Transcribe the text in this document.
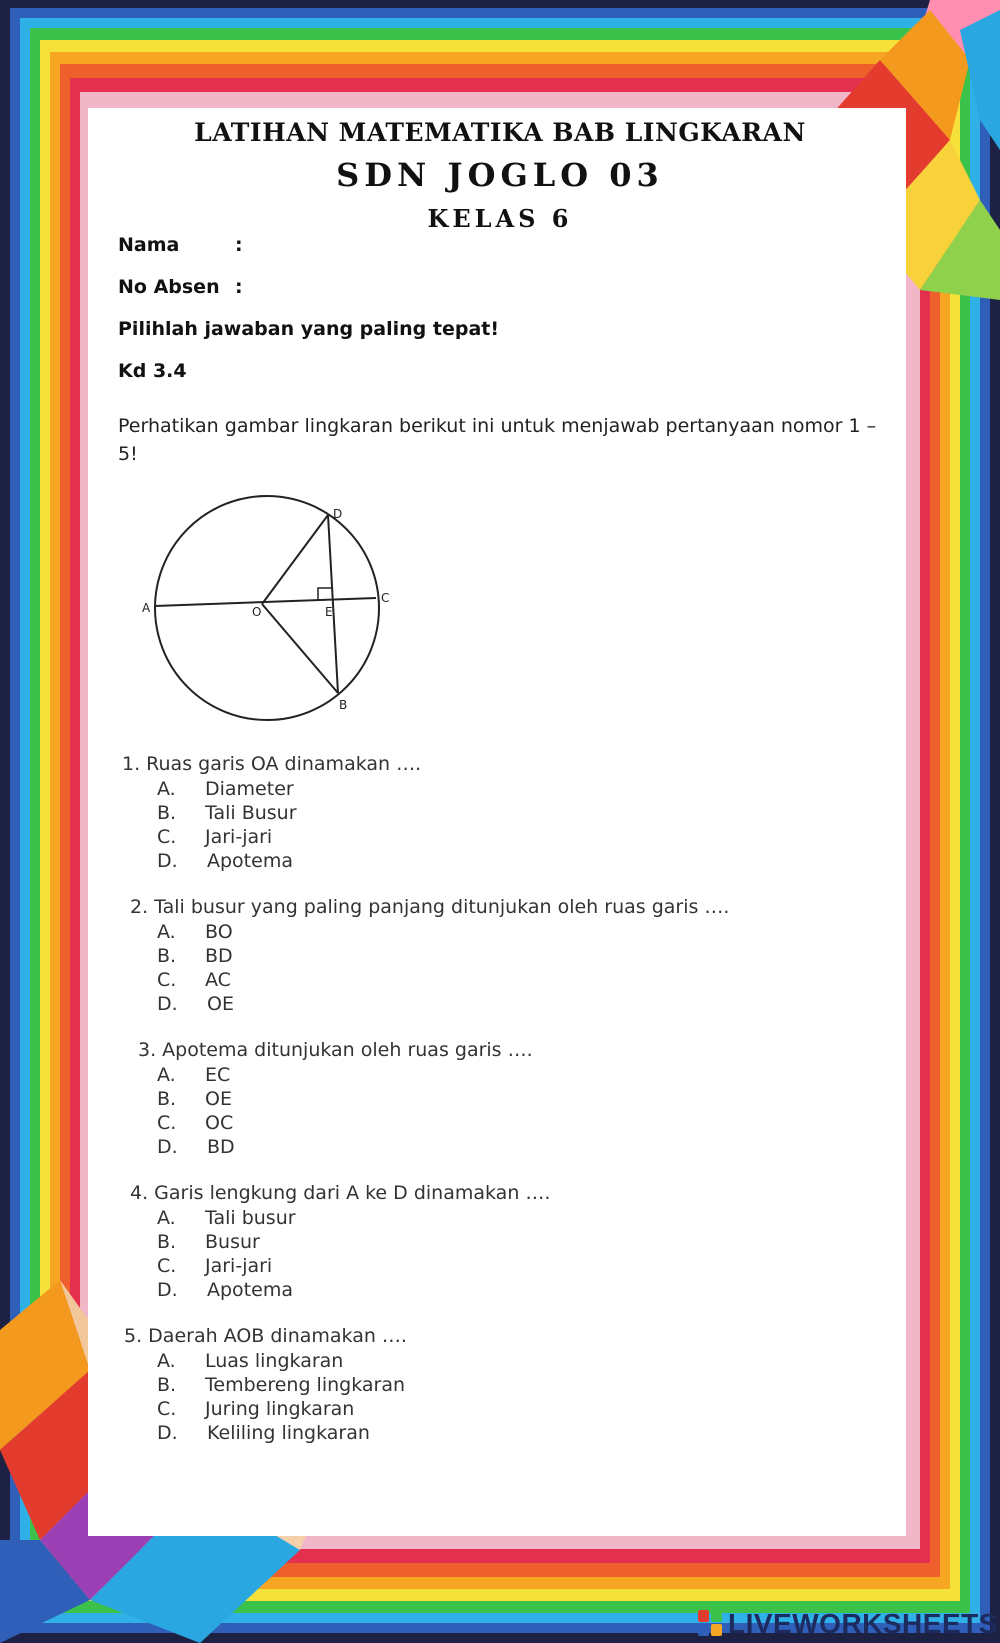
LATIHAN MATEMATIKA BAB LINGKARAN
SDN JOGLO 03
KELAS 6
Nama	:
No Absen :
Pilihlah jawaban yang paling tepat!
Kd 3.4
Perhatikan gambar lingkaran berikut ini untuk menjawab pertanyaan nomor 1 – 5!
D
A	O	E
C
B
1. Ruas garis OA dinamakan ….
A. Diameter
B. Tali Busur
C. Jari-jari
D. Apotema
2. Tali busur yang paling panjang ditunjukan oleh ruas garis ….
A. BO
B. BD
C. AC
D. OE
3. Apotema ditunjukan oleh ruas garis ….
A. EC
B. OE
C. OC
D. BD
4. Garis lengkung dari A ke D dinamakan ….
A. Tali busur
B. Busur
C. Jari-jari
D. Apotema
5. Daerah AOB dinamakan ….
A. Luas lingkaran
B. Tembereng lingkaran
C. Juring lingkaran
D. Keliling lingkaran
LIVEWORKSHEETS
